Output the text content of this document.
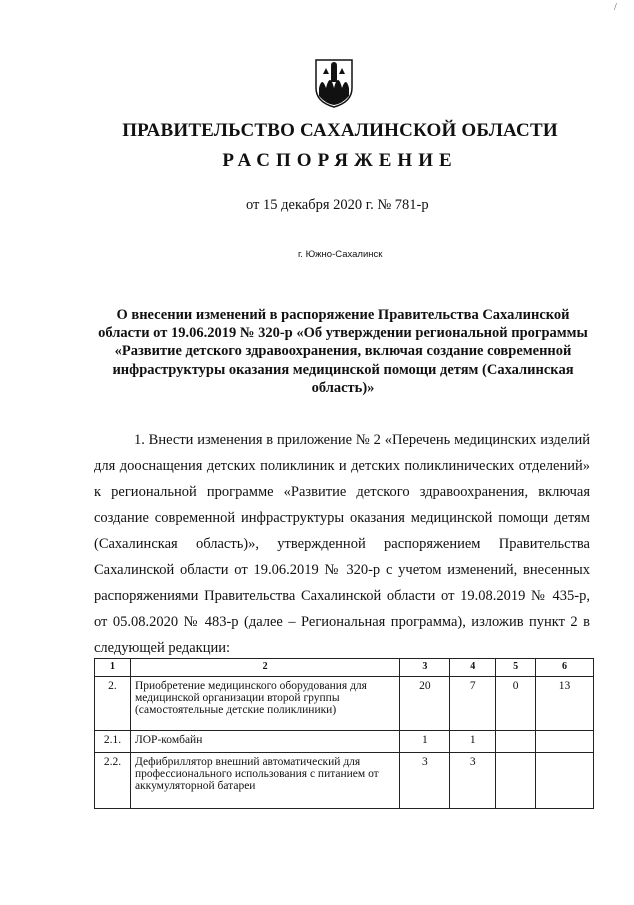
/
ПРАВИТЕЛЬСТВО САХАЛИНСКОЙ ОБЛАСТИ
РАСПОРЯЖЕНИЕ
от 15 декабря 2020 г. № 781-р
г. Южно-Сахалинск
О внесении изменений в распоряжение Правительства Сахалинской области от 19.06.2019 № 320-р «Об утверждении региональной программы «Развитие детского здравоохранения, включая создание современной инфраструктуры оказания медицинской помощи детям (Сахалинская область)»
1. Внести изменения в приложение № 2 «Перечень медицинских изделий для дооснащения детских поликлиник и детских поликлинических отделений» к региональной программе «Развитие детского здравоохранения, включая создание современной инфраструктуры оказания медицинской помощи детям (Сахалинская область)», утвержденной распоряжением Правительства Сахалинской области от 19.06.2019 № 320-р с учетом изменений, внесенных распоряжениями Правительства Сахалинской области от 19.08.2019 № 435-р, от 05.08.2020 № 483-р (далее – Региональная программа), изложив пункт 2 в следующей редакции:
1	2	3	4	5	6
2.	Приобретение медицинского оборудования для медицинской организации второй группы (самостоятельные детские поликлиники)	20	7	0	13
2.1.	ЛОР-комбайн	1	1		
2.2.	Дефибриллятор внешний автоматический для профессионального использования с питанием от аккумуляторной батареи	3	3		
